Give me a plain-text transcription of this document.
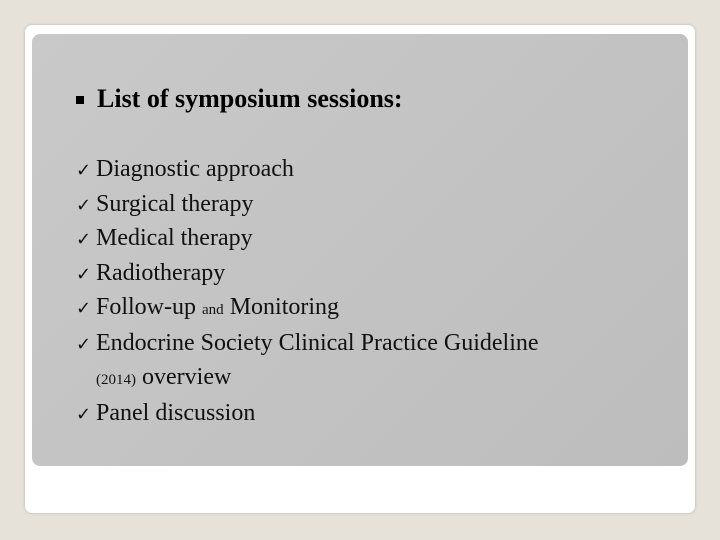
List of symposium sessions:
✓ Diagnostic approach
✓ Surgical therapy
✓ Medical therapy
✓ Radiotherapy
✓ Follow-up and Monitoring
✓ Endocrine Society Clinical Practice Guideline
(2014) overview
✓ Panel discussion
